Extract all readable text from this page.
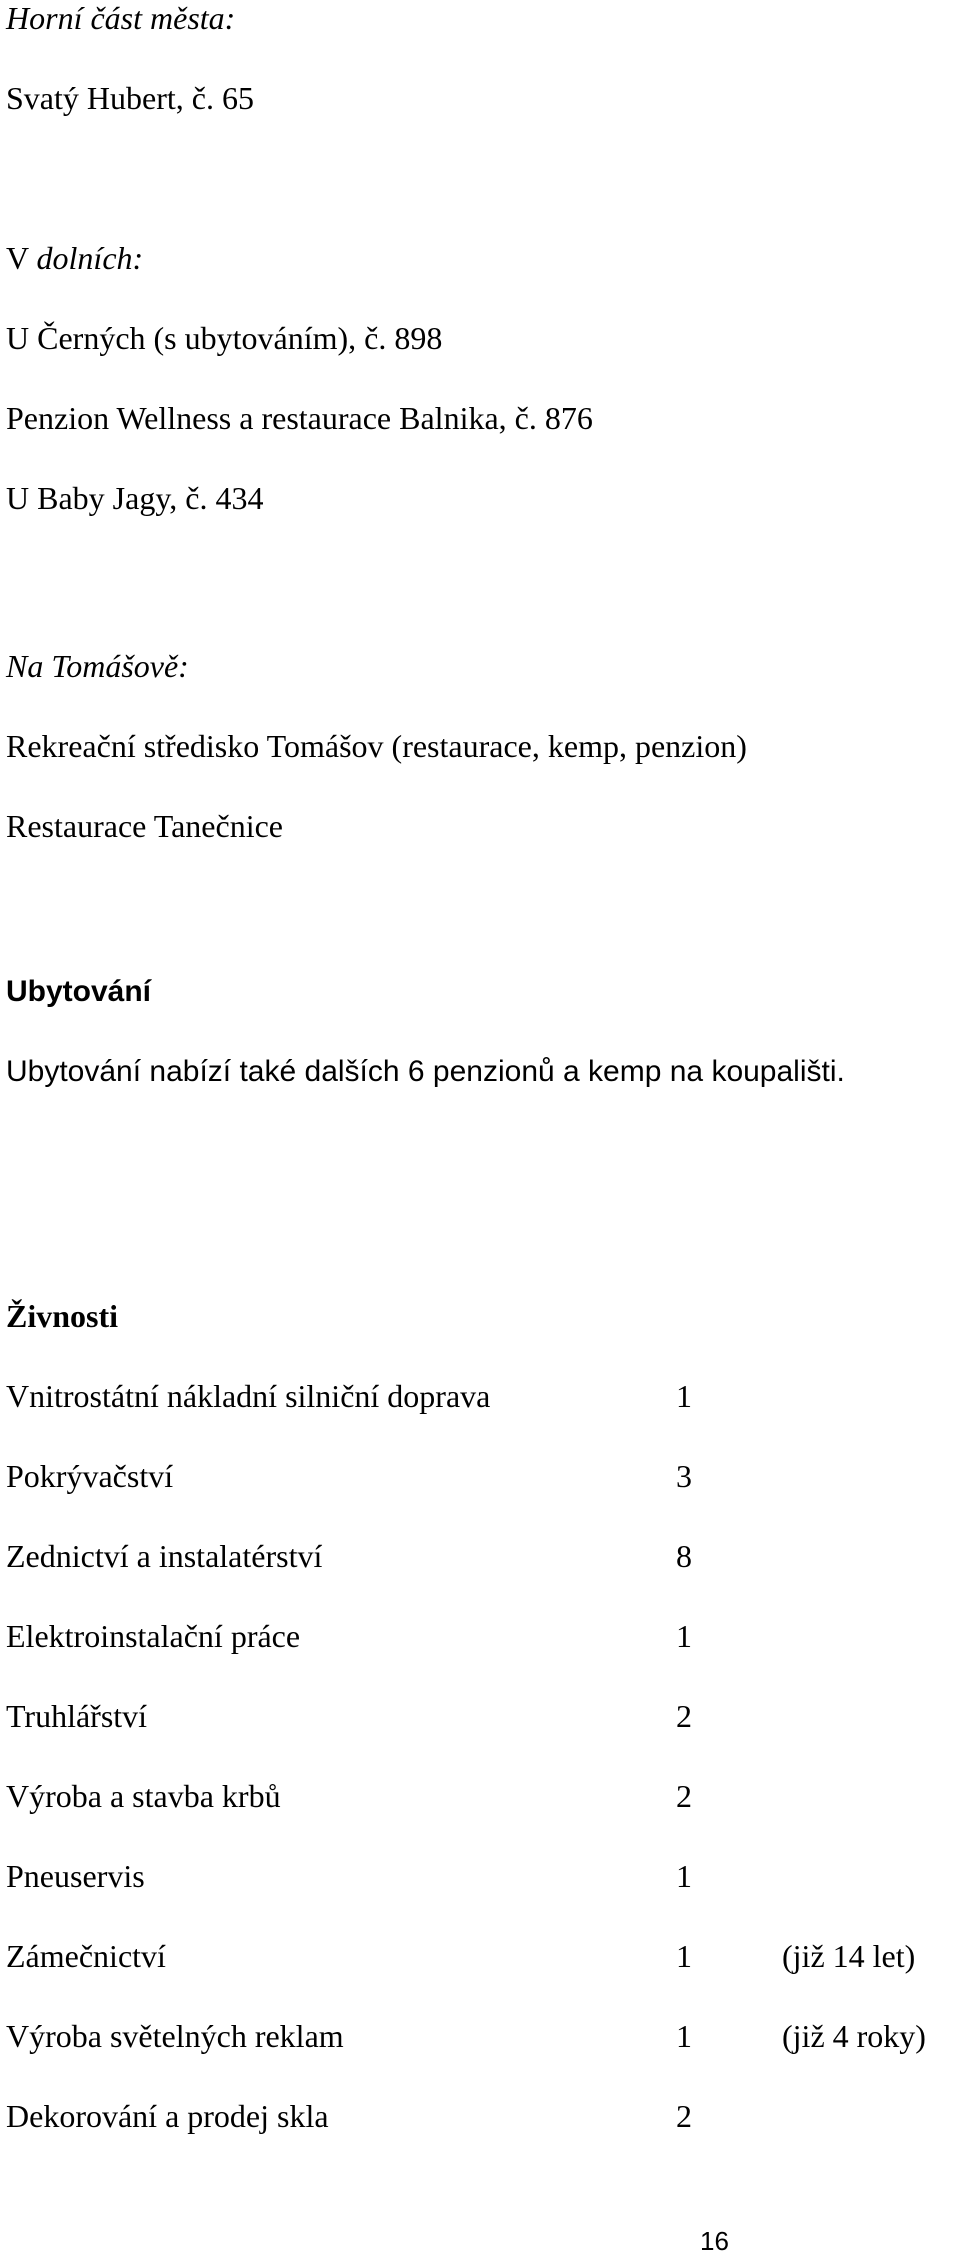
Horní část města:

Svatý Hubert, č. 65

V dolních:

U Černých (s ubytováním), č. 898

Penzion Wellness a restaurace Balnika, č. 876

U Baby Jagy, č. 434

Na Tomášově:

Rekreační středisko Tomášov (restaurace, kemp, penzion)

Restaurace Tanečnice

Ubytování

Ubytování nabízí také dalších 6 penzionů a kemp na koupališti.

Živnosti

Vnitrostátní nákladní silniční doprava	1
Pokrývačství	3
Zednictví a instalatérství	8
Elektroinstalační práce	1
Truhlářství	2
Výroba a stavba krbů	2
Pneuservis	1
Zámečnictví	1	(již 14 let)
Výroba světelných reklam	1	(již 4 roky)
Dekorování a prodej skla	2
16
